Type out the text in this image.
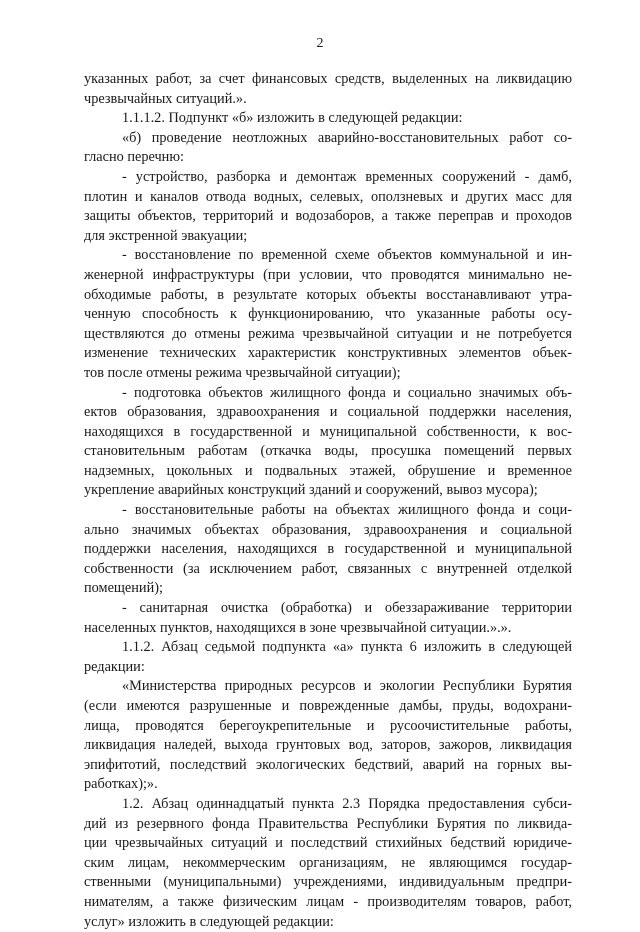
2
указанных работ, за счет финансовых средств, выделенных на ликвидацию
чрезвычайных ситуаций.».
1.1.1.2. Подпункт «б» изложить в следующей редакции:
«б) проведение неотложных аварийно-восстановительных работ со-
гласно перечню:
- устройство, разборка и демонтаж временных сооружений - дамб,
плотин и каналов отвода водных, селевых, оползневых и других масс для
защиты объектов, территорий и водозаборов, а также переправ и проходов
для экстренной эвакуации;
- восстановление по временной схеме объектов коммунальной и ин-
женерной инфраструктуры (при условии, что проводятся минимально не-
обходимые работы, в результате которых объекты восстанавливают утра-
ченную способность к функционированию, что указанные работы осу-
ществляются до отмены режима чрезвычайной ситуации и не потребуется
изменение технических характеристик конструктивных элементов объек-
тов после отмены режима чрезвычайной ситуации);
- подготовка объектов жилищного фонда и социально значимых объ-
ектов образования, здравоохранения и социальной поддержки населения,
находящихся в государственной и муниципальной собственности, к вос-
становительным работам (откачка воды, просушка помещений первых
надземных, цокольных и подвальных этажей, обрушение и временное
укрепление аварийных конструкций зданий и сооружений, вывоз мусора);
- восстановительные работы на объектах жилищного фонда и соци-
ально значимых объектах образования, здравоохранения и социальной
поддержки населения, находящихся в государственной и муниципальной
собственности (за исключением работ, связанных с внутренней отделкой
помещений);
- санитарная очистка (обработка) и обеззараживание территории
населенных пунктов, находящихся в зоне чрезвычайной ситуации.».».
1.1.2. Абзац седьмой подпункта «а» пункта 6 изложить в следующей
редакции:
«Министерства природных ресурсов и экологии Республики Бурятия
(если имеются разрушенные и поврежденные дамбы, пруды, водохрани-
лища, проводятся берегоукрепительные и русоочистительные работы,
ликвидация наледей, выхода грунтовых вод, заторов, зажоров, ликвидация
эпифитотий, последствий экологических бедствий, аварий на горных вы-
работках);».
1.2. Абзац одиннадцатый пункта 2.3 Порядка предоставления субси-
дий из резервного фонда Правительства Республики Бурятия по ликвида-
ции чрезвычайных ситуаций и последствий стихийных бедствий юридиче-
ским лицам, некоммерческим организациям, не являющимся государ-
ственными (муниципальными) учреждениями, индивидуальным предпри-
нимателям, а также физическим лицам - производителям товаров, работ,
услуг» изложить в следующей редакции:
